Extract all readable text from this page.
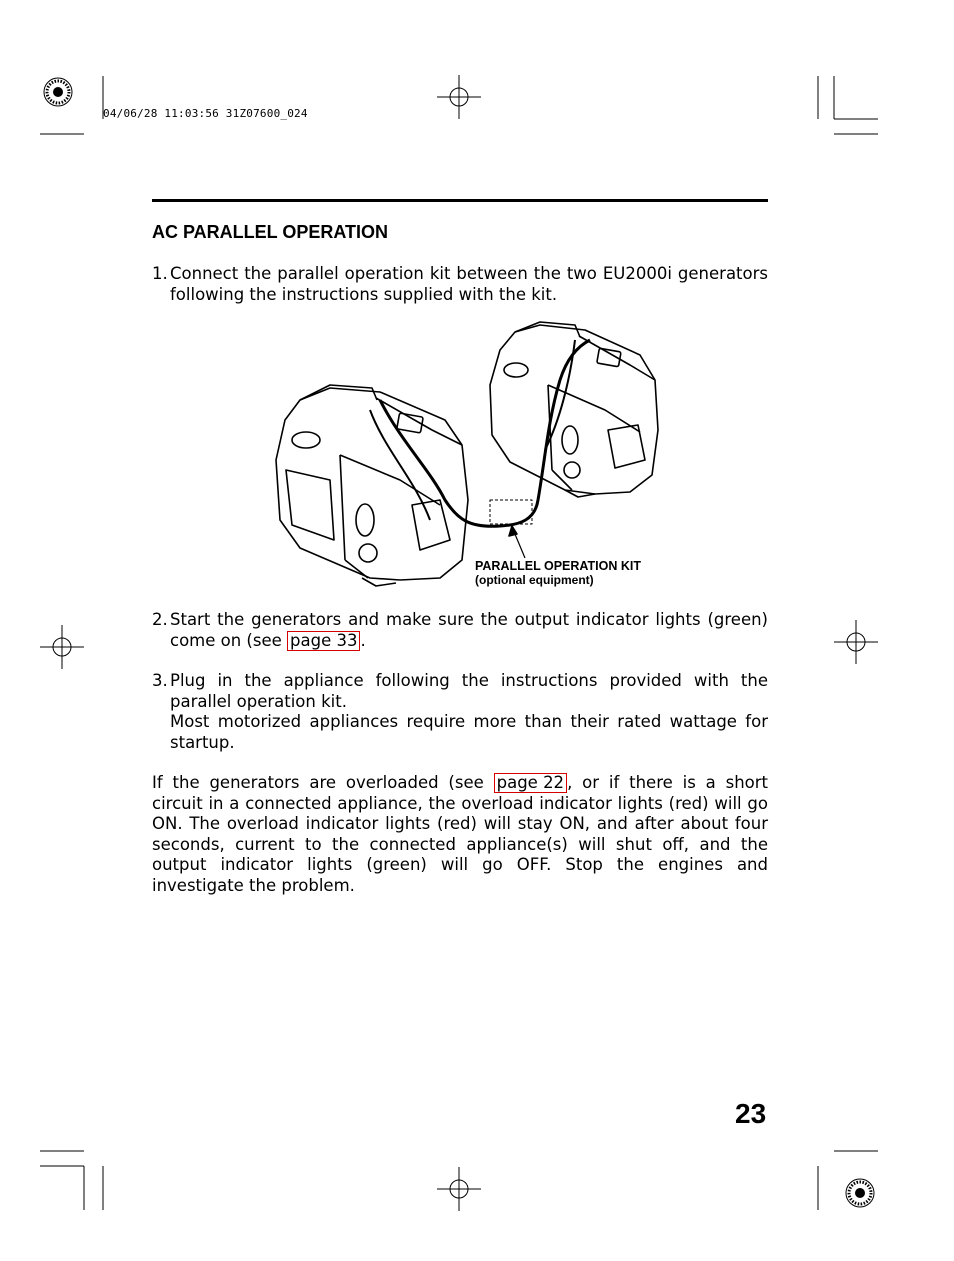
04/06/28 11:03:56 31Z07600_024
AC PARALLEL OPERATION
1. Connect the parallel operation kit between the two EU2000i generators following the instructions supplied with the kit.
PARALLEL OPERATION KIT
(optional equipment)
2. Start the generators and make sure the output indicator lights (green) come on (see page 33 .
3. Plug in the appliance following the instructions provided with the parallel operation kit.

Most motorized appliances require more than their rated wattage for startup.

If the generators are overloaded (see page 22 , or if there is a short circuit in a connected appliance, the overload indicator lights (red) will go ON. The overload indicator lights (red) will stay ON, and after about four seconds, current to the connected appliance(s) will shut off, and the output indicator lights (green) will go OFF. Stop the engines and investigate the problem.
23
